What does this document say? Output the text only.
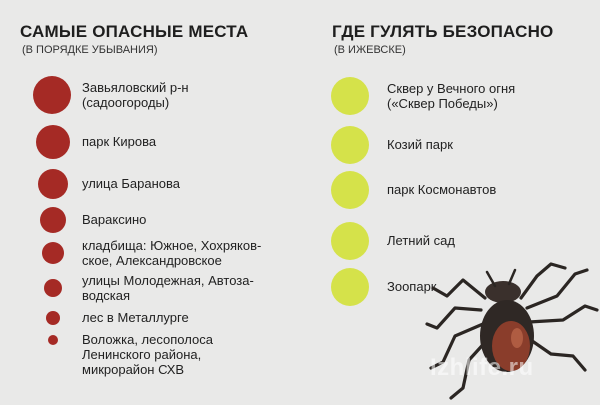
САМЫЕ ОПАСНЫЕ МЕСТА
(В ПОРЯДКЕ УБЫВАНИЯ)
Завьяловский р-н
(садоогороды)
парк Кирова
улица Баранова
Вараксино
кладбища: Южное, Хохряков-
ское, Александровское
улицы Молодежная, Автоза-
водская
лес в Металлурге
Воложка, лесополоса
Ленинского района,
микрорайон СХВ
ГДЕ ГУЛЯТЬ БЕЗОПАСНО
(В ИЖЕВСКЕ)
Сквер у Вечного огня
(«Сквер Победы»)
Козий парк
парк Космонавтов
Летний сад
Зоопарк
Izhlife.ru
